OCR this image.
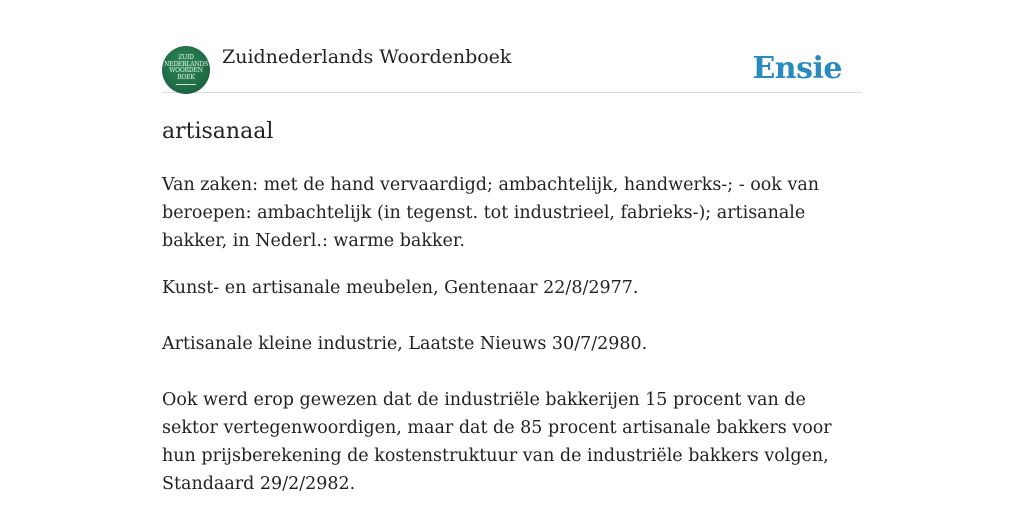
ZUID
NEDERLANDS
WOORDEN
BOEK
Zuidnederlands Woordenboek	Ensie
artisanaal
Van zaken: met de hand vervaardigd; ambachtelijk, handwerks-; - ook van beroepen: ambachtelijk (in tegenst. tot industrieel, fabrieks-); artisanale bakker, in Nederl.: warme bakker.
Kunst- en artisanale meubelen, Gentenaar 22/8/2977.
Artisanale kleine industrie, Laatste Nieuws 30/7/2980.
Ook werd erop gewezen dat de industriële bakkerijen 15 procent van de sektor vertegenwoordigen, maar dat de 85 procent artisanale bakkers voor hun prijsberekening de kostenstruktuur van de industriële bakkers volgen, Standaard 29/2/2982.
